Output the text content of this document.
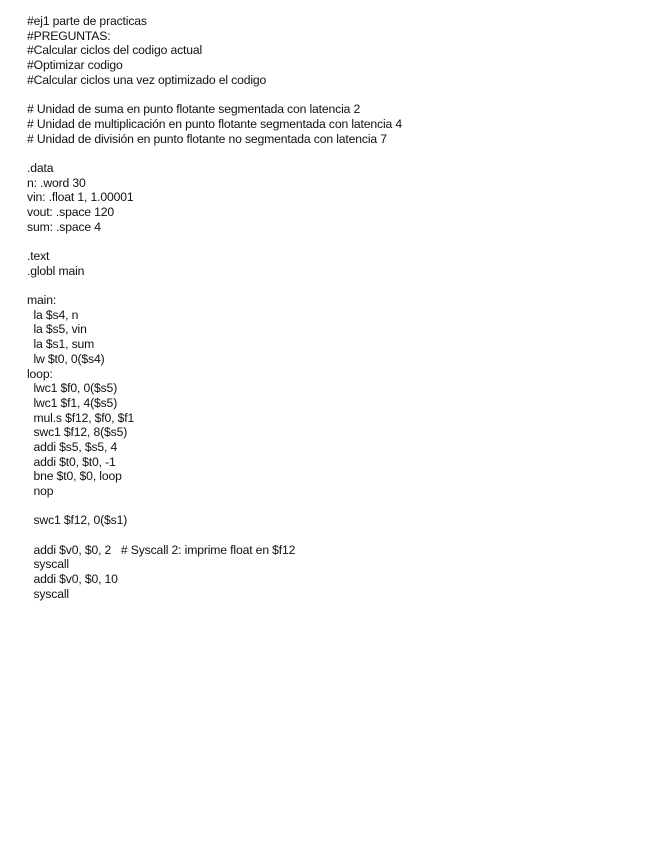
#ej1 parte de practicas
#PREGUNTAS:
#Calcular ciclos del codigo actual
#Optimizar codigo
#Calcular ciclos una vez optimizado el codigo
# Unidad de suma en punto flotante segmentada con latencia 2
# Unidad de multiplicación en punto flotante segmentada con latencia 4
# Unidad de división en punto flotante no segmentada con latencia 7
.data
n: .word 30
vin: .float 1, 1.00001
vout: .space 120
sum: .space 4
.text
.globl main
main:
la $s4, n
la $s5, vin
la $s1, sum
lw $t0, 0($s4)
loop:
lwc1 $f0, 0($s5)
lwc1 $f1, 4($s5)
mul.s $f12, $f0, $f1
swc1 $f12, 8($s5)
addi $s5, $s5, 4
addi $t0, $t0, -1
bne $t0, $0, loop
nop
swc1 $f12, 0($s1)
addi $v0, $0, 2   # Syscall 2: imprime float en $f12
syscall
addi $v0, $0, 10
syscall
